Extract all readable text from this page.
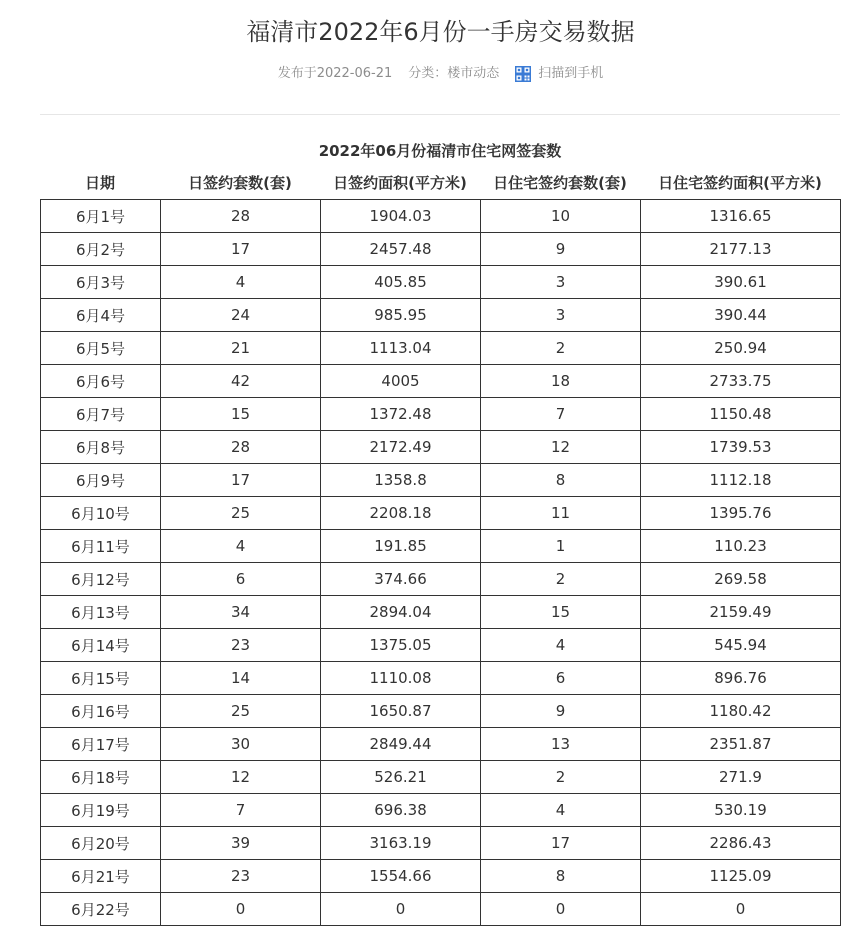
福清市2022年6月份一手房交易数据
发布于2022-06-21 分类：楼市动态	扫描到手机
2022年06月份福清市住宅网签套数
日期	日签约套数(套)	日签约面积(平方米)	日住宅签约套数(套)	日住宅签约面积(平方米)
6月1号	28	1904.03	10	1316.65
6月2号	17	2457.48	9	2177.13
6月3号	4	405.85	3	390.61
6月4号	24	985.95	3	390.44
6月5号	21	1113.04	2	250.94
6月6号	42	4005	18	2733.75
6月7号	15	1372.48	7	1150.48
6月8号	28	2172.49	12	1739.53
6月9号	17	1358.8	8	1112.18
6月10号	25	2208.18	11	1395.76
6月11号	4	191.85	1	110.23
6月12号	6	374.66	2	269.58
6月13号	34	2894.04	15	2159.49
6月14号	23	1375.05	4	545.94
6月15号	14	1110.08	6	896.76
6月16号	25	1650.87	9	1180.42
6月17号	30	2849.44	13	2351.87
6月18号	12	526.21	2	271.9
6月19号	7	696.38	4	530.19
6月20号	39	3163.19	17	2286.43
6月21号	23	1554.66	8	1125.09
6月22号	0	0	0	0
